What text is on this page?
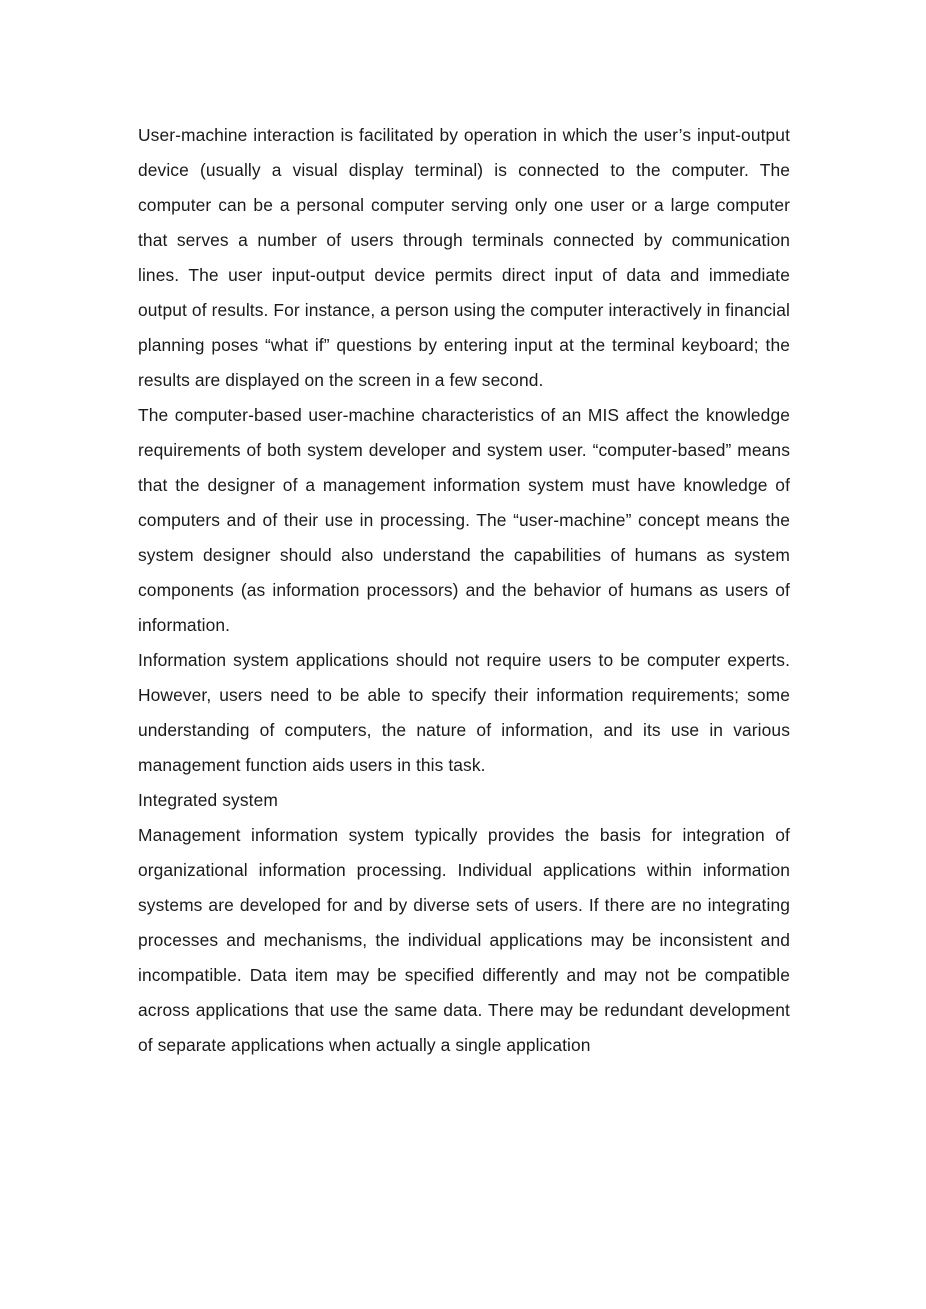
User-machine interaction is facilitated by operation in which the user’s input-output device (usually a visual display terminal) is connected to the computer. The computer can be a personal computer serving only one user or a large computer that serves a number of users through terminals connected by communication lines. The user input-output device permits direct input of data and immediate output of results. For instance, a person using the computer interactively in financial planning poses “what if” questions by entering input at the terminal keyboard; the results are displayed on the screen in a few second.

The computer-based user-machine characteristics of an MIS affect the knowledge requirements of both system developer and system user. “computer-based” means that the designer of a management information system must have knowledge of computers and of their use in processing. The “user-machine” concept means the system designer should also understand the capabilities of humans as system components (as information processors) and the behavior of humans as users of information.

Information system applications should not require users to be computer experts. However, users need to be able to specify their information requirements; some understanding of computers, the nature of information, and its use in various management function aids users in this task.

Integrated system

Management information system typically provides the basis for integration of organizational information processing. Individual applications within information systems are developed for and by diverse sets of users. If there are no integrating processes and mechanisms, the individual applications may be inconsistent and incompatible. Data item may be specified differently and may not be compatible across applications that use the same data. There may be redundant development of separate applications when actually a single application
